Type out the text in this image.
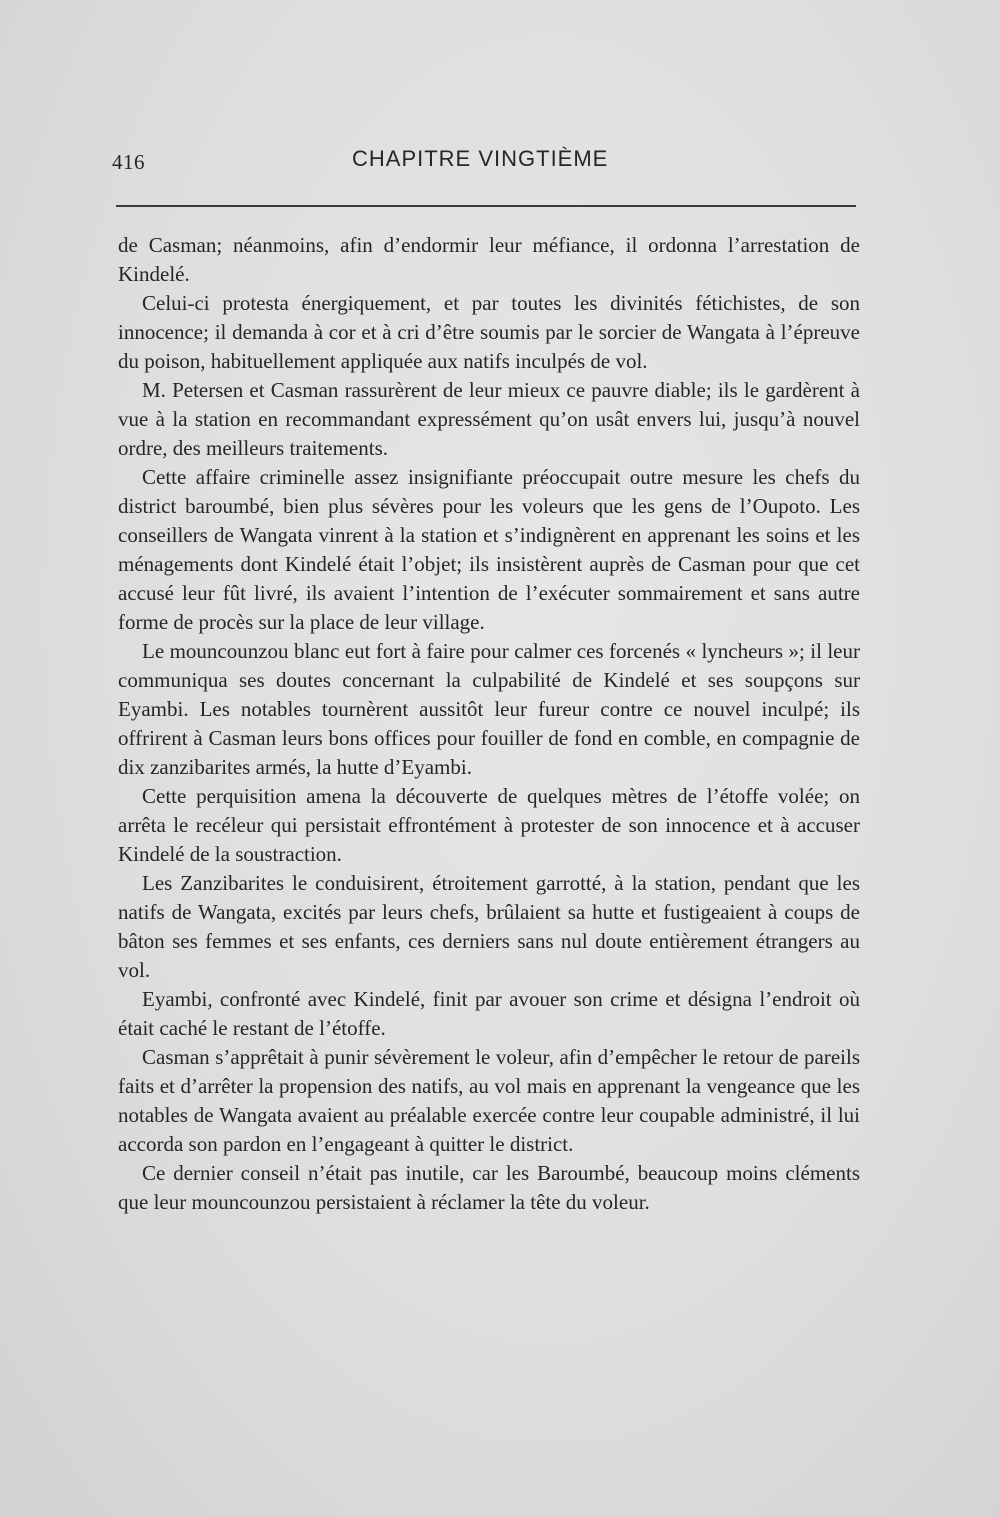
416	CHAPITRE VINGTIÈME

de Casman; néanmoins, afin d’endormir leur méfiance, il ordonna l’arrestation de Kindelé.

Celui-ci protesta énergiquement, et par toutes les divinités fétichistes, de son innocence; il demanda à cor et à cri d’être soumis par le sorcier de Wangata à l’épreuve du poison, habituellement appliquée aux natifs inculpés de vol.

M. Petersen et Casman rassurèrent de leur mieux ce pauvre diable; ils le gardèrent à vue à la station en recommandant expressément qu’on usât envers lui, jusqu’à nouvel ordre, des meilleurs traitements.

Cette affaire criminelle assez insignifiante préoccupait outre mesure les chefs du district baroumbé, bien plus sévères pour les voleurs que les gens de l’Oupoto. Les conseillers de Wangata vinrent à la station et s’indignèrent en apprenant les soins et les ménagements dont Kindelé était l’objet; ils insistèrent auprès de Casman pour que cet accusé leur fût livré, ils avaient l’intention de l’exécuter sommairement et sans autre forme de procès sur la place de leur village.

Le mouncounzou blanc eut fort à faire pour calmer ces forcenés « lyncheurs »; il leur communiqua ses doutes concernant la culpabilité de Kindelé et ses soupçons sur Eyambi. Les notables tournèrent aussitôt leur fureur contre ce nouvel inculpé; ils offrirent à Casman leurs bons offices pour fouiller de fond en comble, en compagnie de dix zanzibarites armés, la hutte d’Eyambi.

Cette perquisition amena la découverte de quelques mètres de l’étoffe volée; on arrêta le recéleur qui persistait effrontément à protester de son innocence et à accuser Kindelé de la soustraction.

Les Zanzibarites le conduisirent, étroitement garrotté, à la station, pendant que les natifs de Wangata, excités par leurs chefs, brûlaient sa hutte et fustigeaient à coups de bâton ses femmes et ses enfants, ces derniers sans nul doute entièrement étrangers au vol.

Eyambi, confronté avec Kindelé, finit par avouer son crime et désigna l’endroit où était caché le restant de l’étoffe.

Casman s’apprêtait à punir sévèrement le voleur, afin d’empêcher le retour de pareils faits et d’arrêter la propension des natifs, au vol mais en apprenant la vengeance que les notables de Wangata avaient au préalable exercée contre leur coupable administré, il lui accorda son pardon en l’engageant à quitter le district.

Ce dernier conseil n’était pas inutile, car les Baroumbé, beaucoup moins cléments que leur mouncounzou persistaient à réclamer la tête du voleur.
